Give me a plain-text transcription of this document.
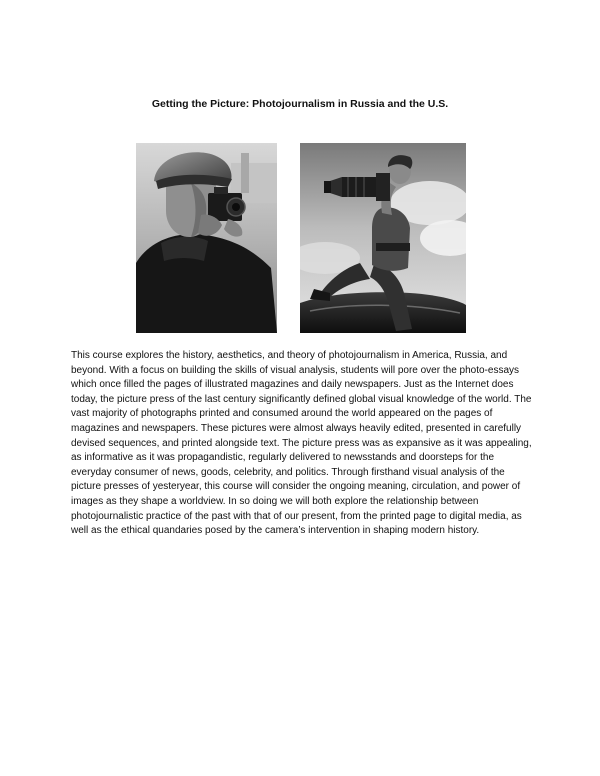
Getting the Picture: Photojournalism in Russia and the U.S.
This course explores the history, aesthetics, and theory of photojournalism in America, Russia, and beyond. With a focus on building the skills of visual analysis, students will pore over the photo-essays which once filled the pages of illustrated magazines and daily newspapers. Just as the Internet does today, the picture press of the last century significantly defined global visual knowledge of the world. The vast majority of photographs printed and consumed around the world appeared on the pages of magazines and newspapers. These pictures were almost always heavily edited, presented in carefully devised sequences, and printed alongside text. The picture press was as expansive as it was appealing, as informative as it was propagandistic, regularly delivered to newsstands and doorsteps for the everyday consumer of news, goods, celebrity, and politics. Through firsthand visual analysis of the picture presses of yesteryear, this course will consider the ongoing meaning, circulation, and power of images as they shape a worldview. In so doing we will both explore the relationship between photojournalistic practice of the past with that of our present, from the printed page to digital media, as well as the ethical quandaries posed by the camera’s intervention in shaping modern history.
